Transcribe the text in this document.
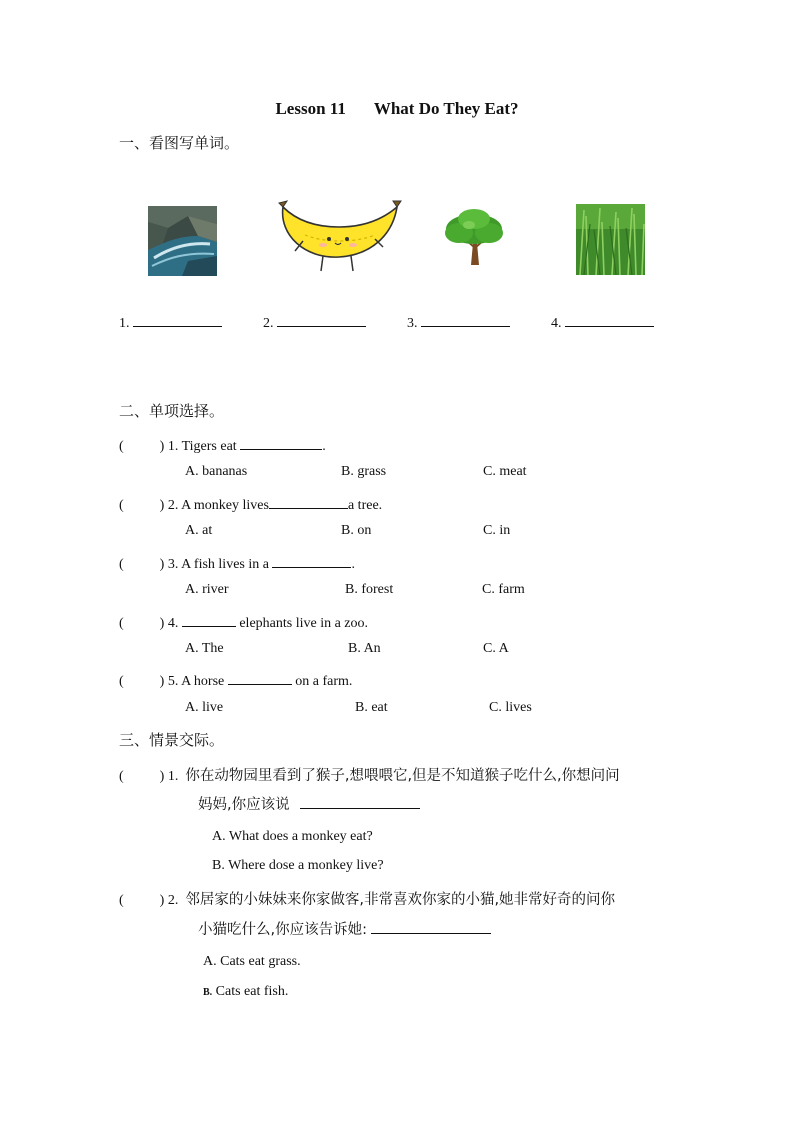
Lesson 11 What Do They Eat?
一、看图写单词。
1.	2.	3.	4.
二、单项选择。
(	) 1. Tigers eat	.
A. bananas	B. grass	C. meat
(	) 2. A monkey lives	a tree.
A. at	B. on	C. in
(	) 3. A fish lives in a	.
A. river	B. forest	C. farm
(	) 4.	elephants live in a zoo.
A. The	B. An	C. A
(	) 5. A horse	on a farm.
A. live	B. eat	C. lives
三、情景交际。
(	) 1. 你在动物园里看到了猴子,想喂喂它,但是不知道猴子吃什么,你想问问
妈妈,你应该说
A. What does a monkey eat?
B. Where dose a monkey live?
(	) 2. 邻居家的小妹妹来你家做客,非常喜欢你家的小猫,她非常好奇的问你
小猫吃什么,你应该告诉她:
A. Cats eat grass.
B. Cats eat fish.
